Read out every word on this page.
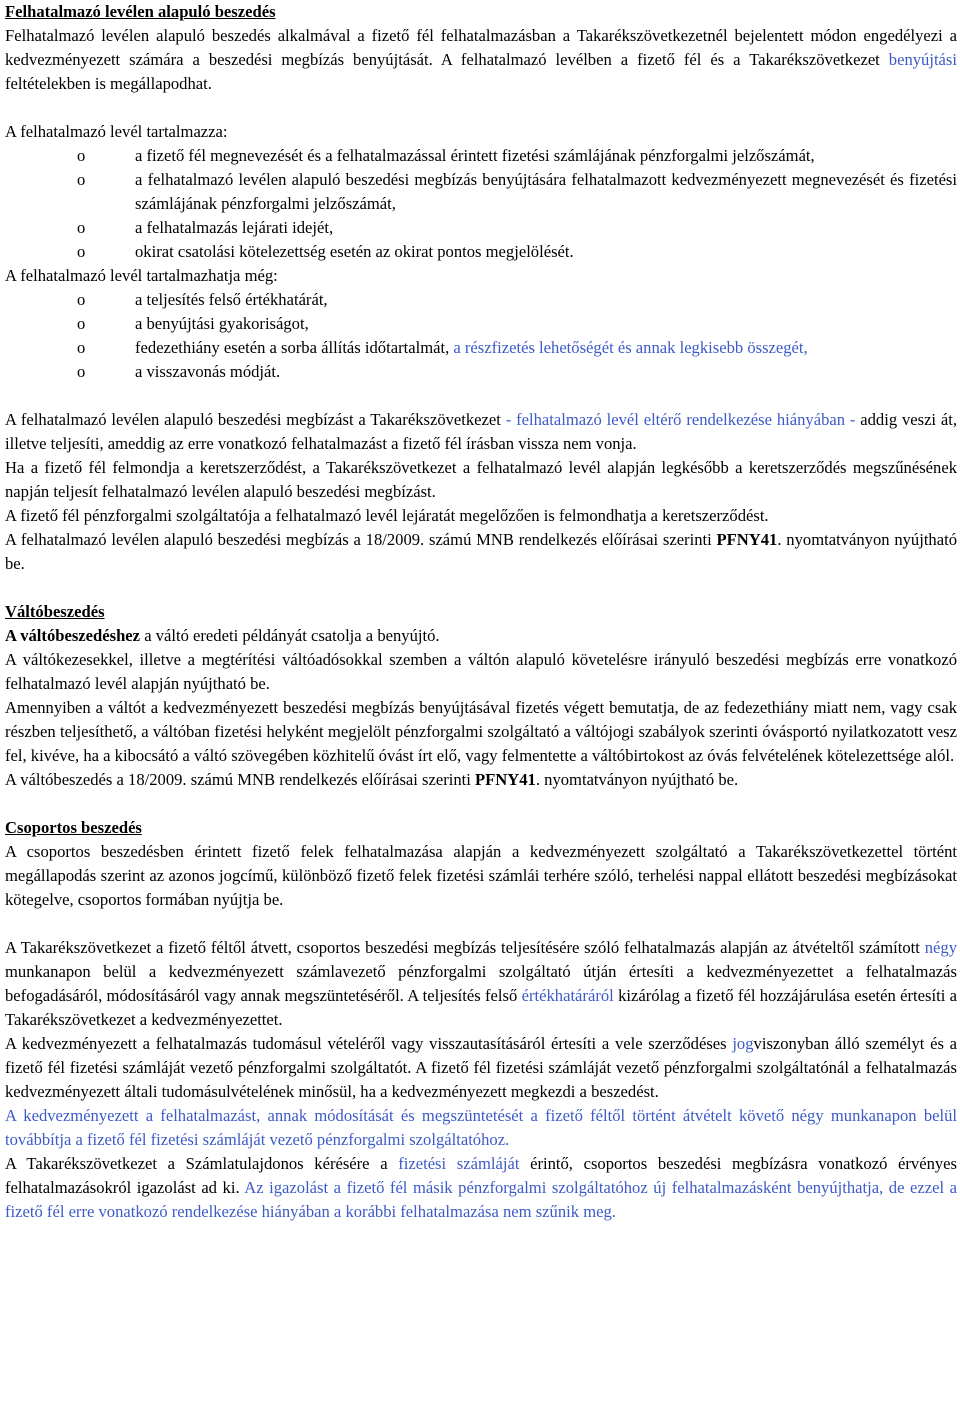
Felhatalmazó levélen alapuló beszedés

Felhatalmazó levélen alapuló beszedés alkalmával a fizető fél felhatalmazásban a Takarékszövetkezetnél bejelentett módon engedélyezi a kedvezményezett számára a beszedési megbízás benyújtását. A felhatalmazó levélben a fizető fél és a Takarékszövetkezet benyújtási feltételekben is megállapodhat.

A felhatalmazó levél tartalmazza:

o	a fizető fél megnevezését és a felhatalmazással érintett fizetési számlájának pénzforgalmi jelzőszámát,
o	a felhatalmazó levélen alapuló beszedési megbízás benyújtására felhatalmazott kedvezményezett megnevezését és fizetési számlájának pénzforgalmi jelzőszámát,
o	a felhatalmazás lejárati idejét,
o	okirat csatolási kötelezettség esetén az okirat pontos megjelölését.

A felhatalmazó levél tartalmazhatja még:

o	a teljesítés felső értékhatárát,
o	a benyújtási gyakoriságot,
o	fedezethiány esetén a sorba állítás időtartalmát, a részfizetés lehetőségét és annak legkisebb összegét,
o	a visszavonás módját.

A felhatalmazó levélen alapuló beszedési megbízást a Takarékszövetkezet - felhatalmazó levél eltérő rendelkezése hiányában - addig veszi át, illetve teljesíti, ameddig az erre vonatkozó felhatalmazást a fizető fél írásban vissza nem vonja.

Ha a fizető fél felmondja a keretszerződést, a Takarékszövetkezet a felhatalmazó levél alapján legkésőbb a keretszerződés megszűnésének napján teljesít felhatalmazó levélen alapuló beszedési megbízást.

A fizető fél pénzforgalmi szolgáltatója a felhatalmazó levél lejáratát megelőzően is felmondhatja a keretszerződést.

A felhatalmazó levélen alapuló beszedési megbízás a 18/2009. számú MNB rendelkezés előírásai szerinti PFNY41. nyomtatványon nyújtható be.

Váltóbeszedés

A váltóbeszedéshez a váltó eredeti példányát csatolja a benyújtó.

A váltókezesekkel, illetve a megtérítési váltóadósokkal szemben a váltón alapuló követelésre irányuló beszedési megbízás erre vonatkozó felhatalmazó levél alapján nyújtható be.

Amennyiben a váltót a kedvezményezett beszedési megbízás benyújtásával fizetés végett bemutatja, de az fedezethiány miatt nem, vagy csak részben teljesíthető, a váltóban fizetési helyként megjelölt pénzforgalmi szolgáltató a váltójogi szabályok szerinti óvásportó nyilatkozatott vesz fel, kivéve, ha a kibocsátó a váltó szövegében közhitelű óvást írt elő, vagy felmentette a váltóbirtokost az óvás felvételének kötelezettsége alól.

A váltóbeszedés a 18/2009. számú MNB rendelkezés előírásai szerinti PFNY41. nyomtatványon nyújtható be.

Csoportos beszedés

A csoportos beszedésben érintett fizető felek felhatalmazása alapján a kedvezményezett szolgáltató a Takarékszövetkezettel történt megállapodás szerint az azonos jogcímű, különböző fizető felek fizetési számlái terhére szóló, terhelési nappal ellátott beszedési megbízásokat kötegelve, csoportos formában nyújtja be.

A Takarékszövetkezet a fizető féltől átvett, csoportos beszedési megbízás teljesítésére szóló felhatalmazás alapján az átvételtől számított négy munkanapon belül a kedvezményezett számlavezető pénzforgalmi szolgáltató útján értesíti a kedvezményezettet a felhatalmazás befogadásáról, módosításáról vagy annak megszüntetéséről. A teljesítés felső értékhatáráról kizárólag a fizető fél hozzájárulása esetén értesíti a Takarékszövetkezet a kedvezményezettet.

A kedvezményezett a felhatalmazás tudomásul vételéről vagy visszautasításáról értesíti a vele szerződéses jogviszonyban álló személyt és a fizető fél fizetési számláját vezető pénzforgalmi szolgáltatót. A fizető fél fizetési számláját vezető pénzforgalmi szolgáltatónál a felhatalmazás kedvezményezett általi tudomásulvételének minősül, ha a kedvezményezett megkezdi a beszedést.

A kedvezményezett a felhatalmazást, annak módosítását és megszüntetését a fizető féltől történt átvételt követő négy munkanapon belül továbbítja a fizető fél fizetési számláját vezető pénzforgalmi szolgáltatóhoz.

A Takarékszövetkezet a Számlatulajdonos kérésére a fizetési számláját érintő, csoportos beszedési megbízásra vonatkozó érvényes felhatalmazásokról igazolást ad ki. Az igazolást a fizető fél másik pénzforgalmi szolgáltatóhoz új felhatalmazásként benyújthatja, de ezzel a fizető fél erre vonatkozó rendelkezése hiányában a korábbi felhatalmazása nem szűnik meg.
